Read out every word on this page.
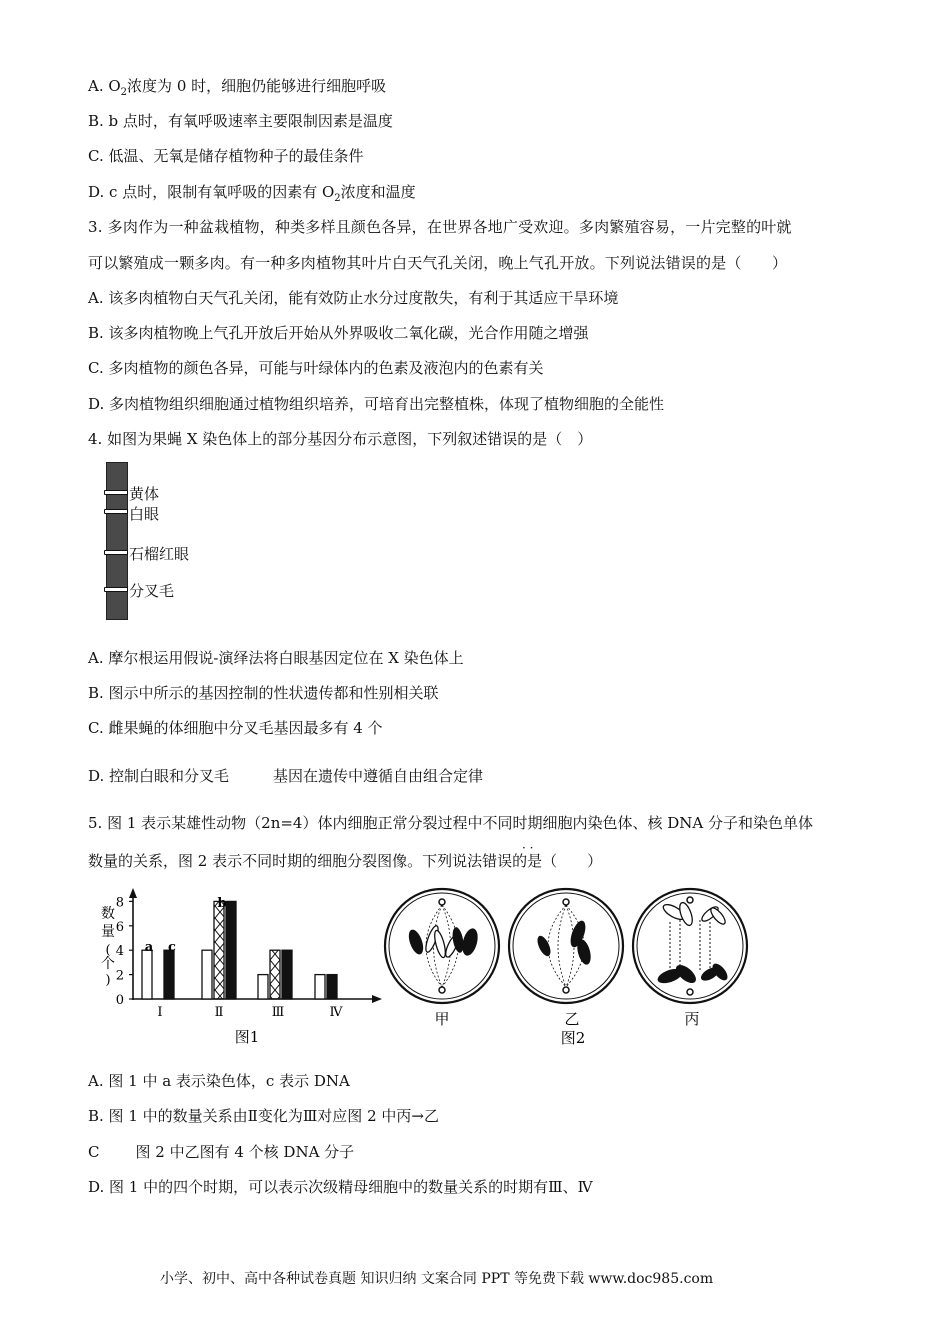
A. $O_2$浓度为 0 时，细胞仍能够进行细胞呼吸
B. b 点时，有氧呼吸速率主要限制因素是温度
C. 低温、无氧是储存植物种子的最佳条件
D. c 点时，限制有氧呼吸的因素有 $O_2$浓度和温度
3. 多肉作为一种盆栽植物，种类多样且颜色各异，在世界各地广受欢迎。多肉繁殖容易，一片完整的叶就
可以繁殖成一颗多肉。有一种多肉植物其叶片白天气孔关闭，晚上气孔开放。下列说法错误的是（　　）
A. 该多肉植物白天气孔关闭，能有效防止水分过度散失，有利于其适应干旱环境
B. 该多肉植物晚上气孔开放后开始从外界吸收二氧化碳，光合作用随之增强
C. 多肉植物的颜色各异，可能与叶绿体内的色素及液泡内的色素有关
D. 多肉植物组织细胞通过植物组织培养，可培育出完整植株，体现了植物细胞的全能性
4. 如图为果蝇 X 染色体上的部分基因分布示意图，下列叙述错误的是（　）
黄体
白眼
石榴红眼
分叉毛
A. 摩尔根运用假说-演绎法将白眼基因定位在 X 染色体上
B. 图示中所示的基因控制的性状遗传都和性别相关联
C. 雌果蝇的体细胞中分叉毛基因最多有 4 个
D. 控制白眼和分叉毛	基因在遗传中遵循自由组合定律
5. 图 1 表示某雄性动物（2n=4）体内细胞正常分裂过程中不同时期细胞内染色体、核 DNA 分子和染色单体
· ·
数量的关系，图 2 表示不同时期的细胞分裂图像。下列说法错误的是（　　）
数
量
(
个
)
0
2
4
6
8
Ⅰ	Ⅱ	Ⅲ	Ⅳ
a c
b
图1
甲	乙	丙
图2
A. 图 1 中 a 表示染色体，c 表示 DNA
B. 图 1 中的数量关系由Ⅱ变化为Ⅲ对应图 2 中丙→乙
C 图 2 中乙图有 4 个核 DNA 分子
D. 图 1 中的四个时期，可以表示次级精母细胞中的数量关系的时期有Ⅲ、Ⅳ
小学、初中、高中各种试卷真题 知识归纳 文案合同 PPT 等免费下载 www.doc985.com
